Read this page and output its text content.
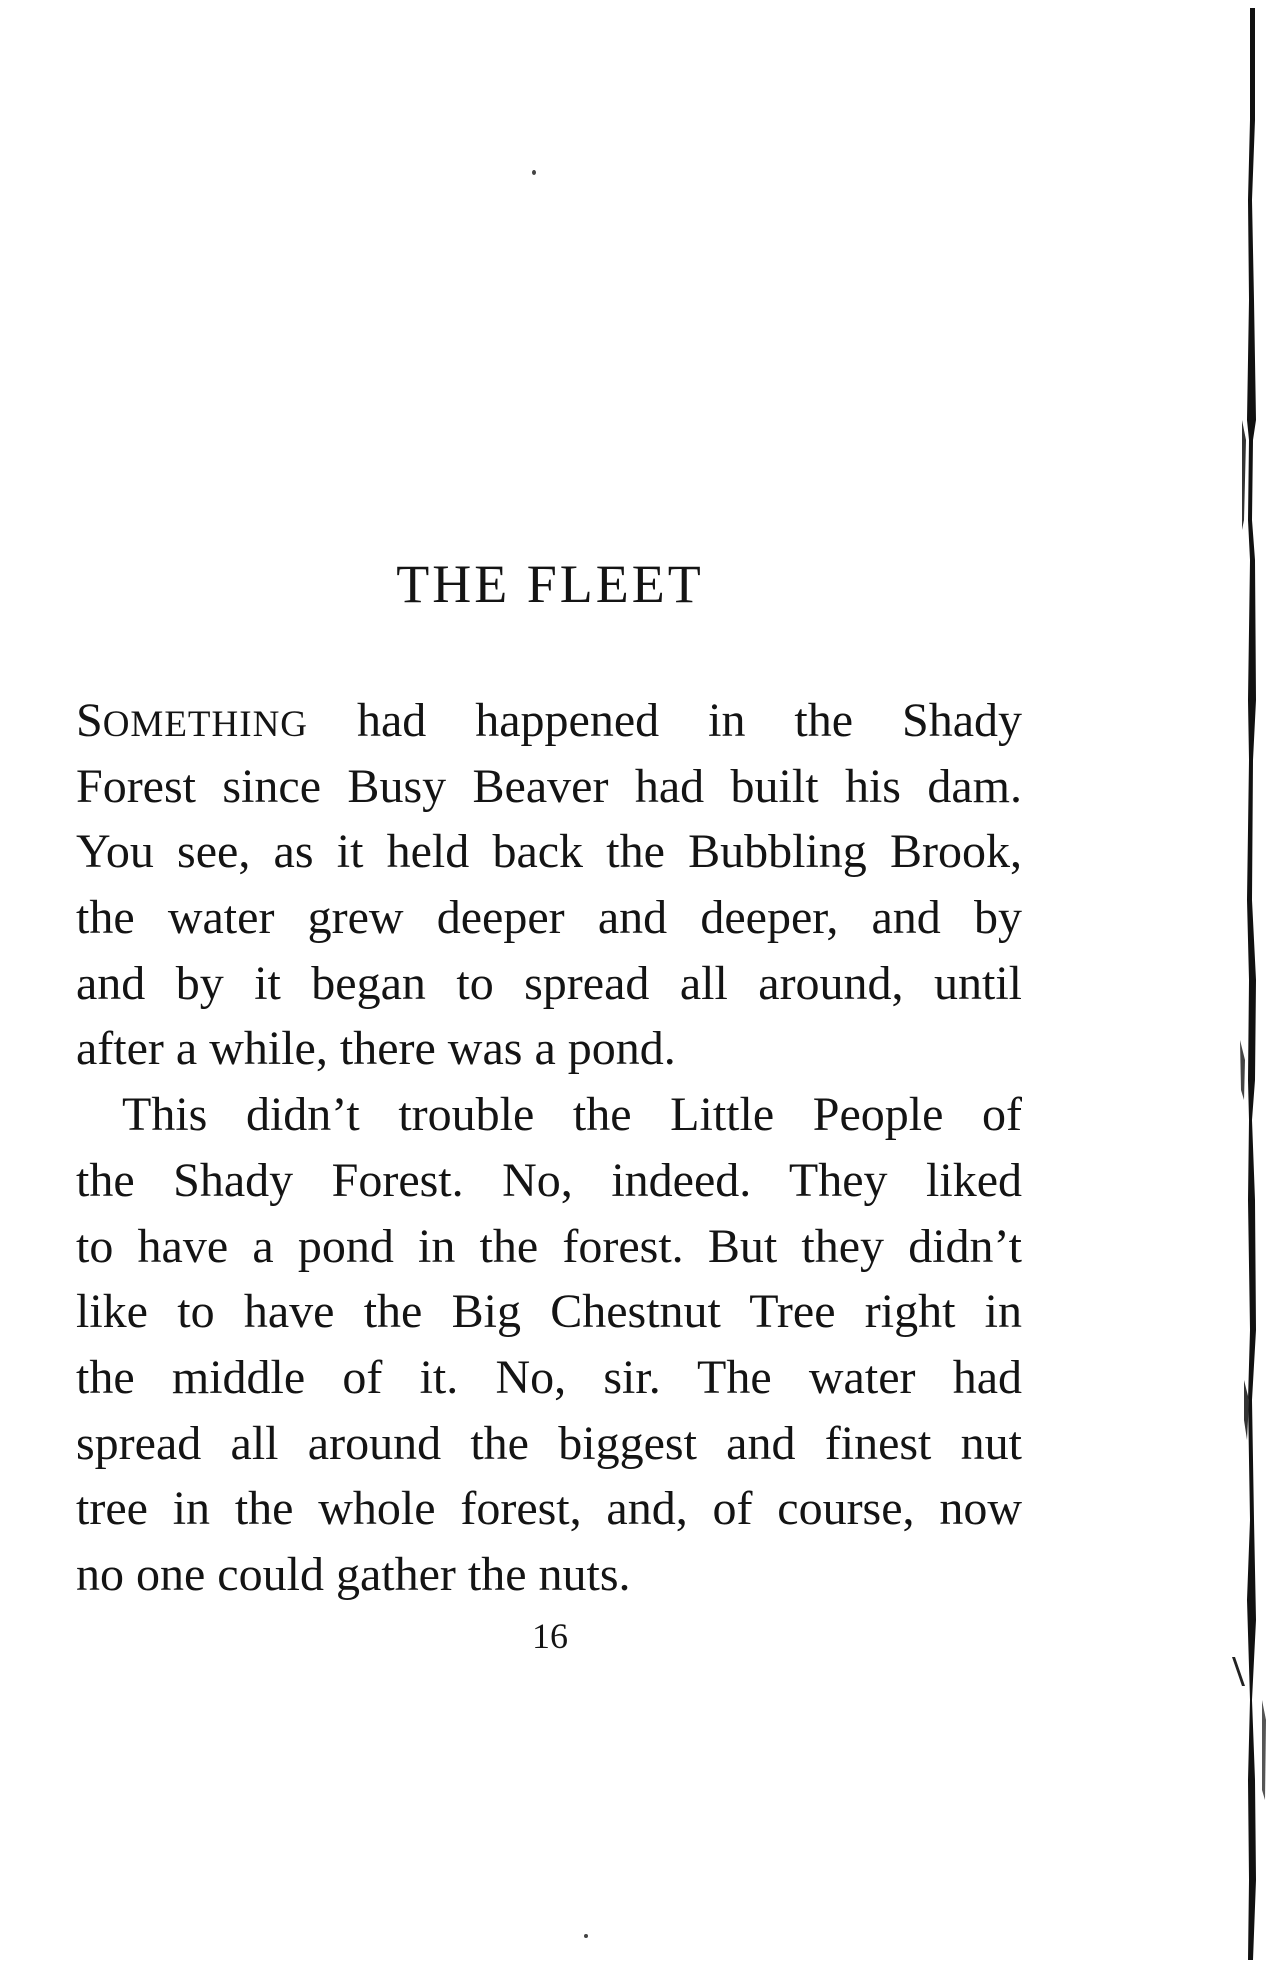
THE FLEET
SOMETHING had happened in the Shady
Forest since Busy Beaver had built his dam.
You see, as it held back the Bubbling Brook,
the water grew deeper and deeper, and by
and by it began to spread all around, until
after a while, there was a pond.
This didn’t trouble the Little People of
the Shady Forest. No, indeed. They liked
to have a pond in the forest. But they didn’t
like to have the Big Chestnut Tree right in
the middle of it. No, sir. The water had
spread all around the biggest and finest nut
tree in the whole forest, and, of course, now
no one could gather the nuts.
16
